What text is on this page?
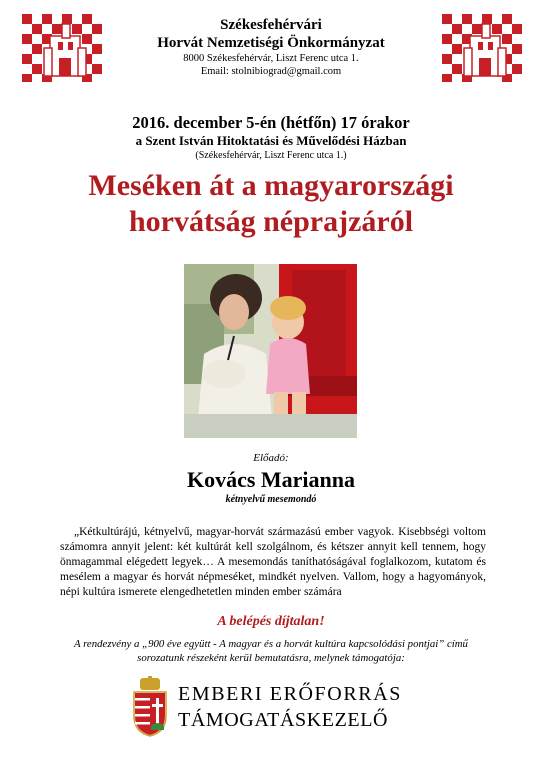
Székesfehérvári
Horvát Nemzetiségi Önkormányzat
8000 Székesfehérvár, Liszt Ferenc utca 1.
Email: stolnibiograd@gmail.com
2016. december 5-én (hétfőn) 17 órakor
a Szent István Hitoktatási és Művelődési Házban
(Székesfehérvár, Liszt Ferenc utca 1.)
Meséken át a magyarországi
horvátság néprajzáról
Előadó:
Kovács Marianna
kétnyelvű mesemondó

„Kétkultúrájú, kétnyelvű, magyar-horvát származású ember vagyok. Kisebbségi voltom számomra annyit jelent: két kultúrát kell szolgálnom, és kétszer annyit kell tennem, hogy önmagammal elégedett legyek… A mesemondás taníthatóságával foglalkozom, kutatom és mesélem a magyar és horvát népmeséket, mindkét nyelven. Vallom, hogy a hagyományok, népi kultúra ismerete elengedhetetlen minden ember számára

A belépés díjtalan!
A rendezvény a „900 éve együtt - A magyar és a horvát kultúra kapcsolódási pontjai” című
sorozatunk részeként kerül bemutatásra, melynek támogatója:
EMBERI ERŐFORRÁS
TÁMOGATÁSKEZELŐ
